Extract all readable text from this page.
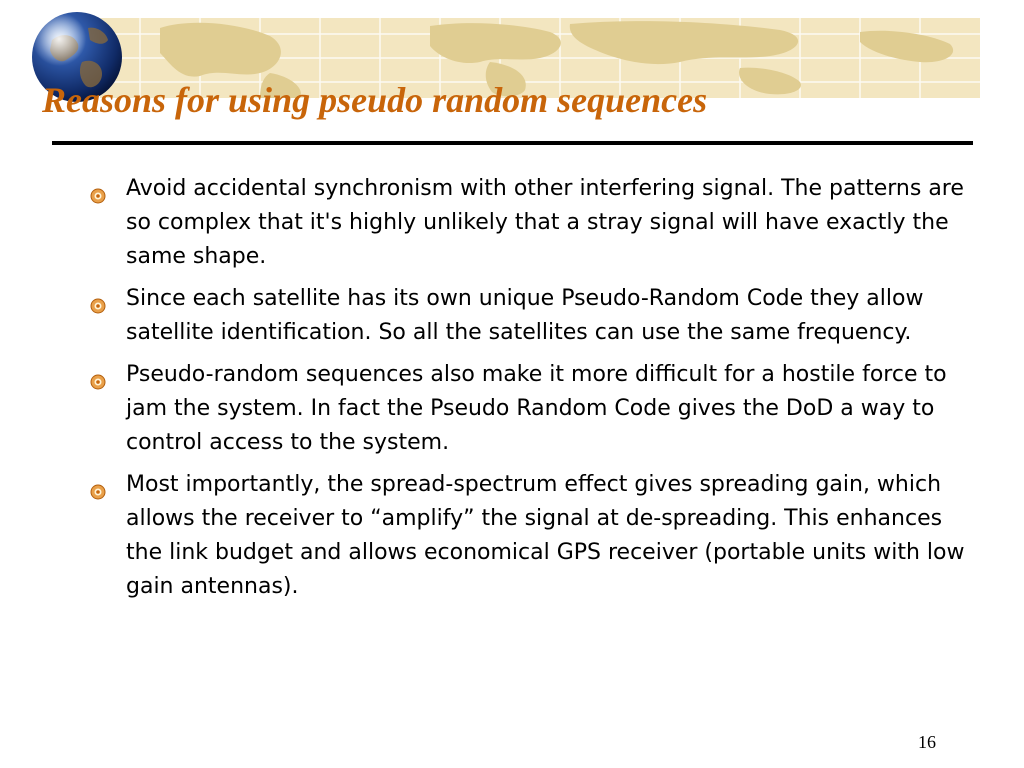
Reasons for using pseudo random sequences
Avoid accidental synchronism with other interfering signal. The patterns are so complex that it's highly unlikely that a stray signal will have exactly the same shape.
Since each satellite has its own unique Pseudo-Random Code they allow satellite identification. So all the satellites can use the same frequency.
Pseudo-random sequences also make it more difficult for a hostile force to jam the system. In fact the Pseudo Random Code gives the DoD a way to control access to the system.
Most importantly, the spread-spectrum effect gives spreading gain, which allows the receiver to “amplify” the signal at de-spreading. This enhances the link budget and allows economical GPS receiver (portable units with low gain antennas).
16
